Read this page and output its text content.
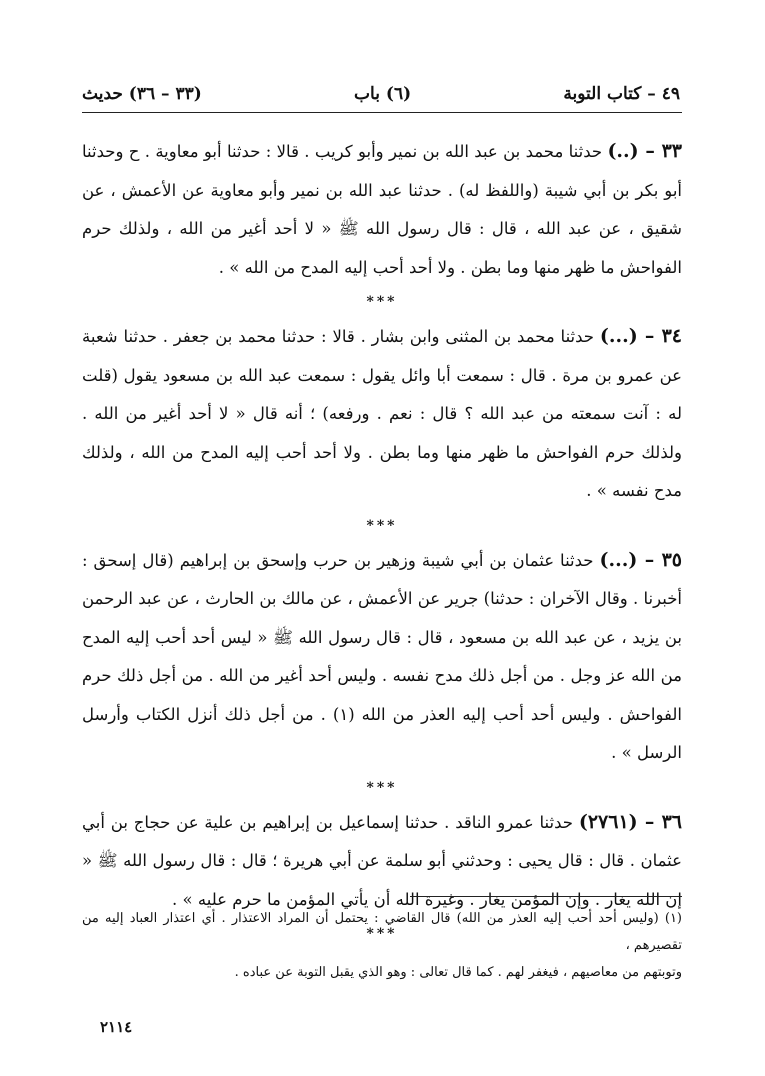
٤٩ – كتاب التوبة
(٦) باب
(٣٣ – ٣٦) حديث

٣٣ – (..) حدثنا محمد بن عبد الله بن نمير وأبو كريب . قالا : حدثنا أبو معاوية . ح وحدثنا أبو بكر بن أبي شيبة (واللفظ له) . حدثنا عبد الله بن نمير وأبو معاوية عن الأعمش ، عن شقيق ، عن عبد الله ، قال : قال رسول الله ﷺ « لا أحد أغير من الله ، ولذلك حرم الفواحش ما ظهر منها وما بطن . ولا أحد أحب إليه المدح من الله » .

***

٣٤ – (...) حدثنا محمد بن المثنى وابن بشار . قالا : حدثنا محمد بن جعفر . حدثنا شعبة عن عمرو بن مرة . قال : سمعت أبا وائل يقول : سمعت عبد الله بن مسعود يقول (قلت له : آنت سمعته من عبد الله ؟ قال : نعم . ورفعه) ؛ أنه قال « لا أحد أغير من الله . ولذلك حرم الفواحش ما ظهر منها وما بطن . ولا أحد أحب إليه المدح من الله ، ولذلك مدح نفسه » .

***

٣٥ – (...) حدثنا عثمان بن أبي شيبة وزهير بن حرب وإسحق بن إبراهيم (قال إسحق : أخبرنا . وقال الآخران : حدثنا) جرير عن الأعمش ، عن مالك بن الحارث ، عن عبد الرحمن بن يزيد ، عن عبد الله بن مسعود ، قال : قال رسول الله ﷺ « ليس أحد أحب إليه المدح من الله عز وجل . من أجل ذلك مدح نفسه . وليس أحد أغير من الله . من أجل ذلك حرم الفواحش . وليس أحد أحب إليه العذر من الله (١) . من أجل ذلك أنزل الكتاب وأرسل الرسل » .

***

٣٦ – (٢٧٦١) حدثنا عمرو الناقد . حدثنا إسماعيل بن إبراهيم بن علية عن حجاج بن أبي عثمان . قال : قال يحيى : وحدثني أبو سلمة عن أبي هريرة ؛ قال : قال رسول الله ﷺ « إن الله يغار . وإن المؤمن يغار . وغيرة الله أن يأتي المؤمن ما حرم عليه » .

***

(١) (وليس أحد أحب إليه العذر من الله) قال القاضي : يحتمل أن المراد الاعتذار . أي اعتذار العباد إليه من تقصيرهم ،

وتوبتهم من معاصيهم ، فيغفر لهم . كما قال تعالى : وهو الذي يقبل التوبة عن عباده .

٢١١٤
